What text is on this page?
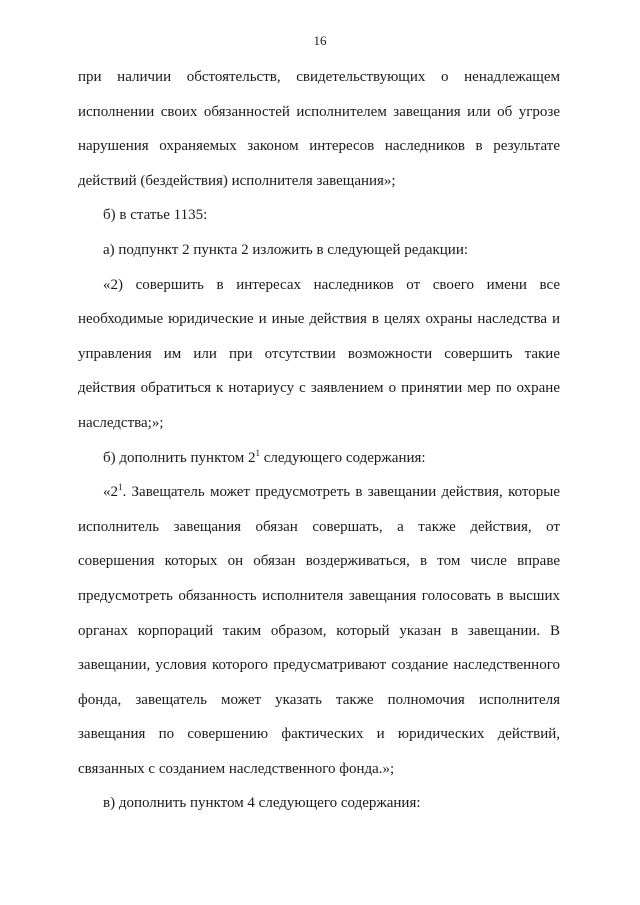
16

при наличии обстоятельств, свидетельствующих о ненадлежащем исполнении своих обязанностей исполнителем завещания или об угрозе нарушения охраняемых законом интересов наследников в результате действий (бездействия) исполнителя завещания»;

б) в статье 1135:

а) подпункт 2 пункта 2 изложить в следующей редакции:

«2) совершить в интересах наследников от своего имени все необходимые юридические и иные действия в целях охраны наследства и управления им или при отсутствии возможности совершить такие действия обратиться к нотариусу с заявлением о принятии мер по охране наследства;»;

б) дополнить пунктом $2^1$ следующего содержания:

«$2^1$. Завещатель может предусмотреть в завещании действия, которые исполнитель завещания обязан совершать, а также действия, от совершения которых он обязан воздерживаться, в том числе вправе предусмотреть обязанность исполнителя завещания голосовать в высших органах корпораций таким образом, который указан в завещании. В завещании, условия которого предусматривают создание наследственного фонда, завещатель может указать также полномочия исполнителя завещания по совершению фактических и юридических действий, связанных с созданием наследственного фонда.»;

в) дополнить пунктом 4 следующего содержания:
